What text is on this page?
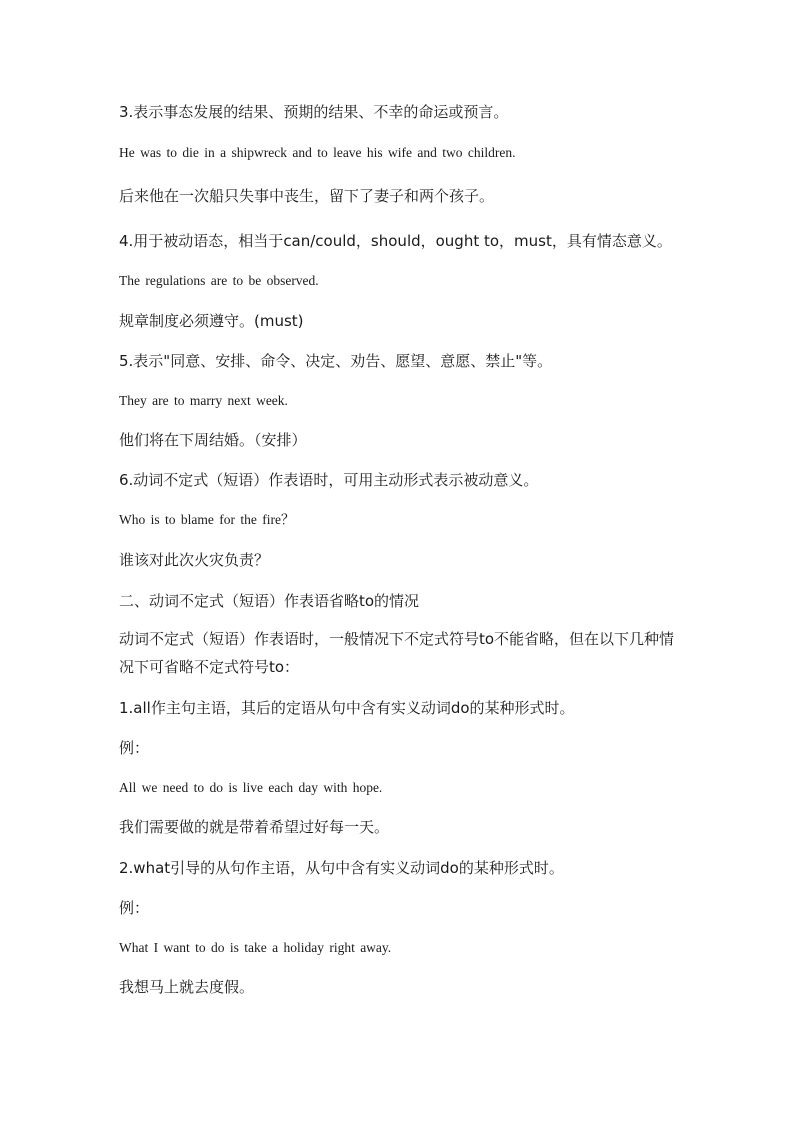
3.表示事态发展的结果、预期的结果、不幸的命运或预言。
He was to die in a shipwreck and to leave his wife and two children.
后来他在一次船只失事中丧生，留下了妻子和两个孩子。
4.用于被动语态，相当于can/could，should，ought to，must，具有情态意义。
The regulations are to be observed.
规章制度必须遵守。(must)
5.表示"同意、安排、命令、决定、劝告、愿望、意愿、禁止"等。
They are to marry next week.
他们将在下周结婚。（安排）
6.动词不定式（短语）作表语时，可用主动形式表示被动意义。
Who is to blame for the fire？
谁该对此次火灾负责？
二、动词不定式（短语）作表语省略to的情况
动词不定式（短语）作表语时，一般情况下不定式符号to不能省略，但在以下几种情况下可省略不定式符号to：
1.all作主句主语，其后的定语从句中含有实义动词do的某种形式时。
例：
All we need to do is live each day with hope.
我们需要做的就是带着希望过好每一天。
2.what引导的从句作主语，从句中含有实义动词do的某种形式时。
例：
What I want to do is take a holiday right away.
我想马上就去度假。
